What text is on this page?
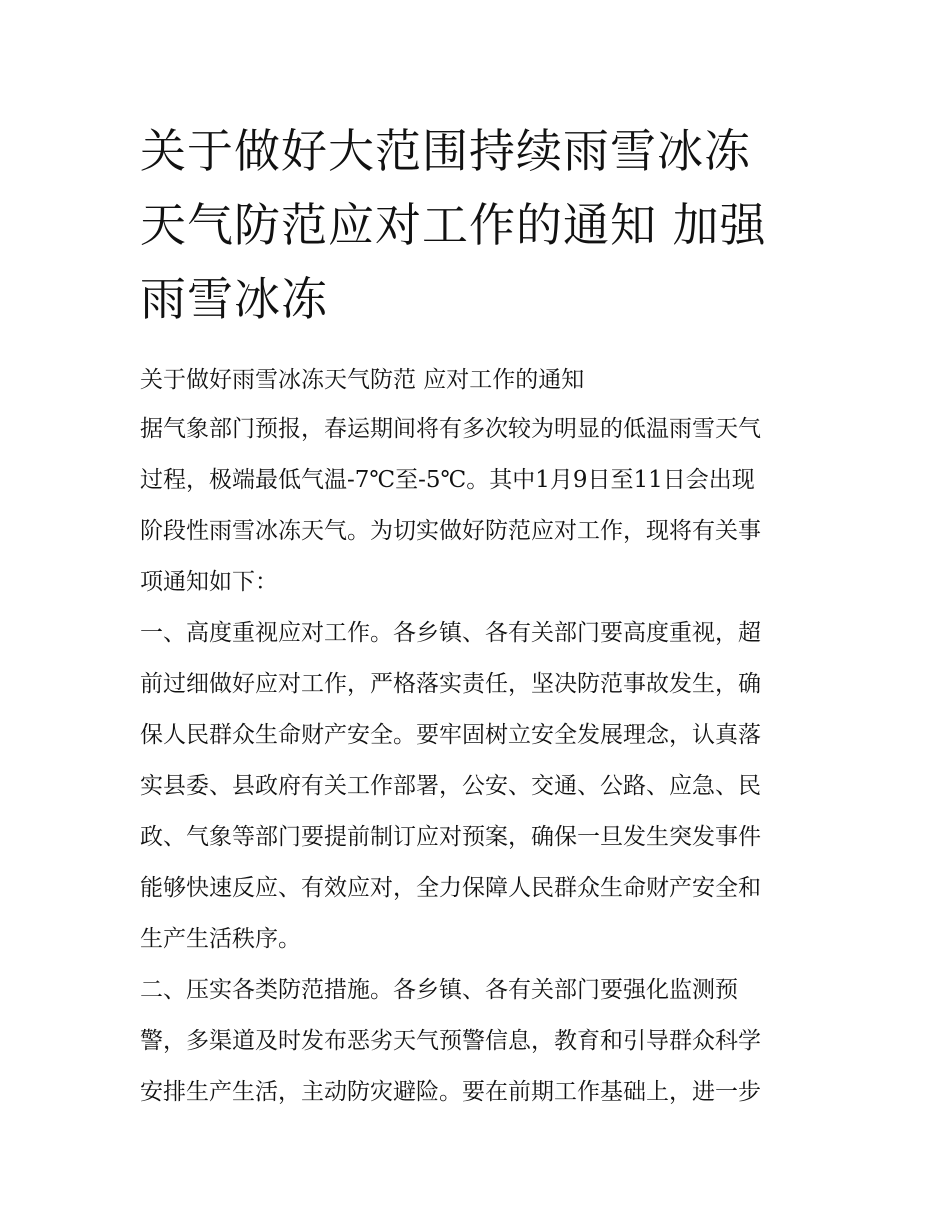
关于做好大范围持续雨雪冰冻
天气防范应对工作的通知 加强
雨雪冰冻
关于做好雨雪冰冻天气防范 应对工作的通知
据气象部门预报，春运期间将有多次较为明显的低温雨雪天气
过程，极端最低气温-7℃至-5℃。其中1月9日至11日会出现
阶段性雨雪冰冻天气。为切实做好防范应对工作，现将有关事
项通知如下：
一、高度重视应对工作。各乡镇、各有关部门要高度重视，超
前过细做好应对工作，严格落实责任，坚决防范事故发生，确
保人民群众生命财产安全。要牢固树立安全发展理念，认真落
实县委、县政府有关工作部署，公安、交通、公路、应急、民
政、气象等部门要提前制订应对预案，确保一旦发生突发事件
能够快速反应、有效应对，全力保障人民群众生命财产安全和
生产生活秩序。
二、压实各类防范措施。各乡镇、各有关部门要强化监测预
警，多渠道及时发布恶劣天气预警信息，教育和引导群众科学
安排生产生活，主动防灾避险。要在前期工作基础上，进一步
